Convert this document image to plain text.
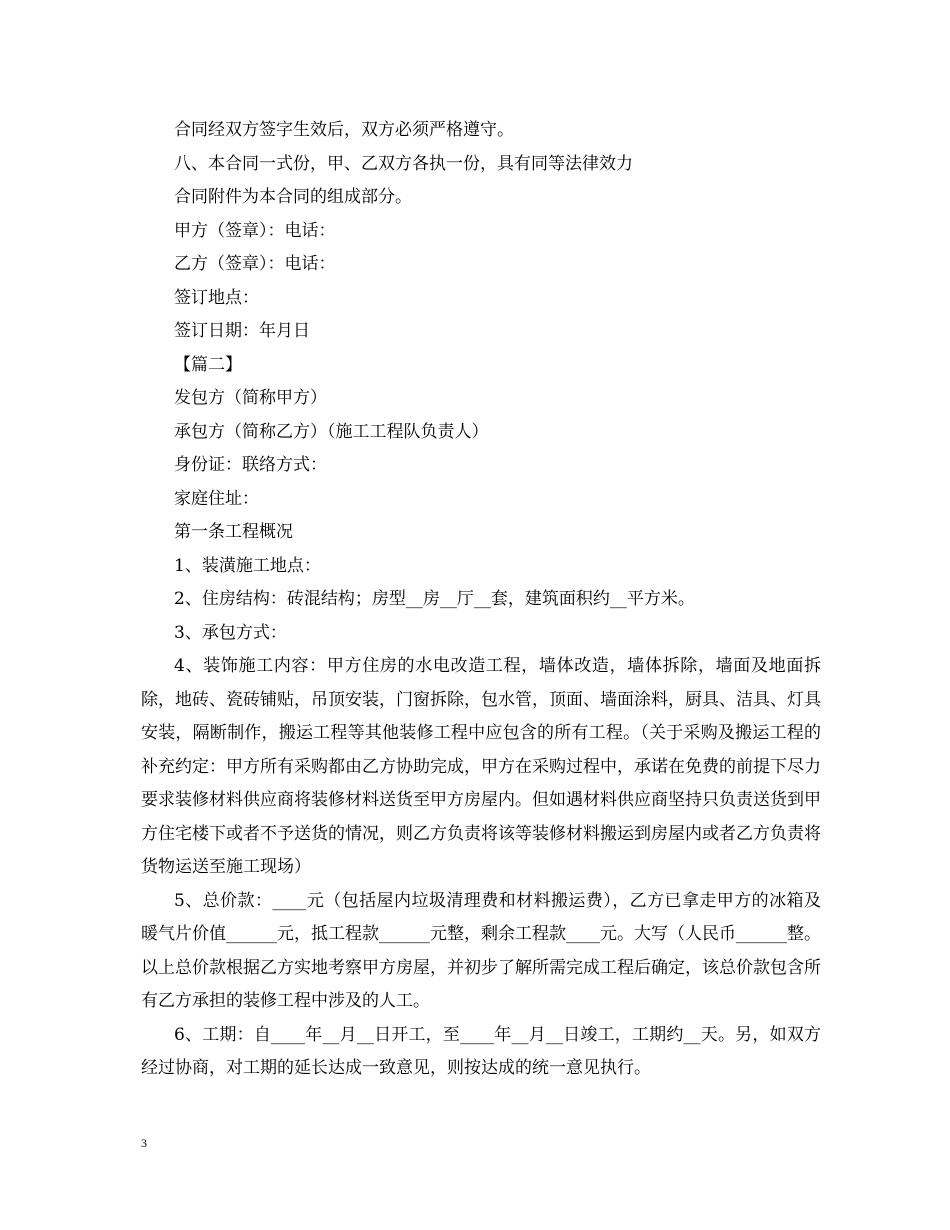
合同经双方签字生效后，双方必须严格遵守。
八、本合同一式份，甲、乙双方各执一份，具有同等法律效力
合同附件为本合同的组成部分。
甲方（签章）：电话：
乙方（签章）：电话：
签订地点：
签订日期：年月日
【篇二】
发包方（简称甲方）
承包方（简称乙方）（施工工程队负责人）
身份证：联络方式：
家庭住址：
第一条工程概况
1、装潢施工地点：
2、住房结构：砖混结构；房型__房__厅__套，建筑面积约__平方米。
3、承包方式：
4、装饰施工内容：甲方住房的水电改造工程，墙体改造，墙体拆除，墙面及地面拆除，地砖、瓷砖铺贴，吊顶安装，门窗拆除，包水管，顶面、墙面涂料，厨具、洁具、灯具安装，隔断制作，搬运工程等其他装修工程中应包含的所有工程。（关于采购及搬运工程的补充约定：甲方所有采购都由乙方协助完成，甲方在采购过程中，承诺在免费的前提下尽力要求装修材料供应商将装修材料送货至甲方房屋内。但如遇材料供应商坚持只负责送货到甲方住宅楼下或者不予送货的情况，则乙方负责将该等装修材料搬运到房屋内或者乙方负责将货物运送至施工现场）
5、总价款：____元（包括屋内垃圾清理费和材料搬运费），乙方已拿走甲方的冰箱及暖气片价值______元，抵工程款______元整，剩余工程款____元。大写（人民币______整。以上总价款根据乙方实地考察甲方房屋，并初步了解所需完成工程后确定，该总价款包含所有乙方承担的装修工程中涉及的人工。
6、工期：自____年__月__日开工，至____年__月__日竣工，工期约__天。另，如双方经过协商，对工期的延长达成一致意见，则按达成的统一意见执行。
3
